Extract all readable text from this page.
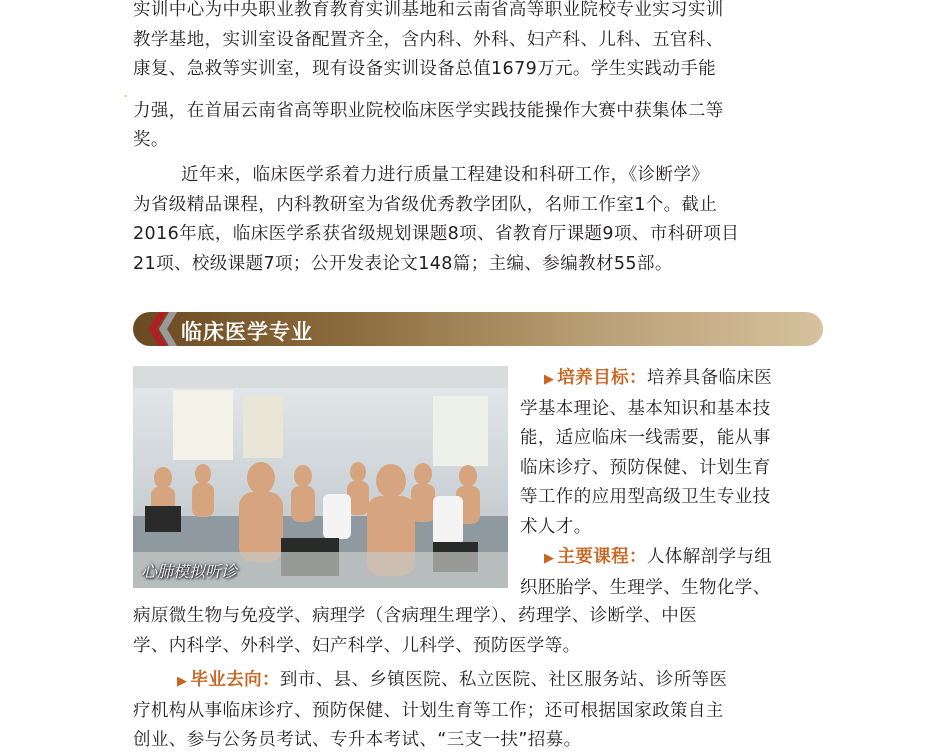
实训中心为中央职业教育教育实训基地和云南省高等职业院校专业实习实训
教学基地，实训室设备配置齐全，含内科、外科、妇产科、儿科、五官科、
康复、急救等实训室，现有设备实训设备总值1679万元。学生实践动手能
力强，在首届云南省高等职业院校临床医学实践技能操作大赛中获集体二等
奖。
近年来，临床医学系着力进行质量工程建设和科研工作，《诊断学》
为省级精品课程，内科教研室为省级优秀教学团队，名师工作室1个。截止
2016年底，临床医学系获省级规划课题8项、省教育厅课题9项、市科研项目
21项、校级课题7项；公开发表论文148篇；主编、参编教材55部。
临床医学专业
心肺模拟听诊
▶ 培养目标：培养具备临床医
学基本理论、基本知识和基本技
能，适应临床一线需要，能从事
临床诊疗、预防保健、计划生育
等工作的应用型高级卫生专业技
术人才。
▶ 主要课程：人体解剖学与组
织胚胎学、生理学、生物化学、
病原微生物与免疫学、病理学（含病理生理学）、药理学、诊断学、中医
学、内科学、外科学、妇产科学、儿科学、预防医学等。
▶ 毕业去向：到市、县、乡镇医院、私立医院、社区服务站、诊所等医
疗机构从事临床诊疗、预防保健、计划生育等工作；还可根据国家政策自主
创业、参与公务员考试、专升本考试、“三支一扶”招募。
